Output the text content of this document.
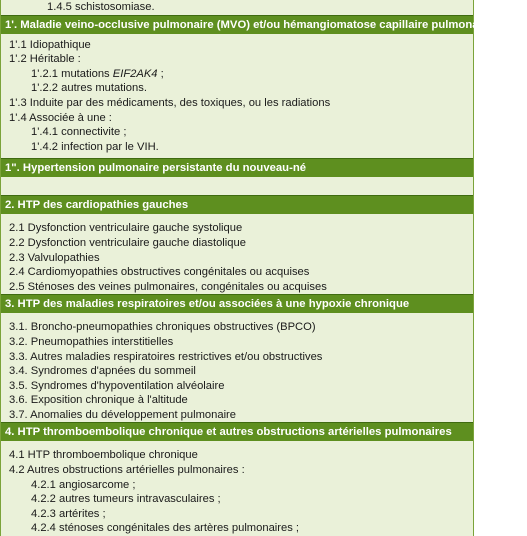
1.4.5 schistosomiase.
1'. Maladie veino-occlusive pulmonaire (MVO) et/ou hémangiomatose capillaire pulmonaire (HCP)
1'.1 Idiopathique
1'.2 Héritable :
1'.2.1 mutations EIF2AK4 ;
1'.2.2 autres mutations.
1'.3 Induite par des médicaments, des toxiques, ou les radiations
1'.4 Associée à une :
1'.4.1 connectivite ;
1'.4.2 infection par le VIH.
1". Hypertension pulmonaire persistante du nouveau-né
2. HTP des cardiopathies gauches
2.1 Dysfonction ventriculaire gauche systolique
2.2 Dysfonction ventriculaire gauche diastolique
2.3 Valvulopathies
2.4 Cardiomyopathies obstructives congénitales ou acquises
2.5 Sténoses des veines pulmonaires, congénitales ou acquises
3. HTP des maladies respiratoires et/ou associées à une hypoxie chronique
3.1. Broncho-pneumopathies chroniques obstructives (BPCO)
3.2. Pneumopathies interstitielles
3.3. Autres maladies respiratoires restrictives et/ou obstructives
3.4. Syndromes d'apnées du sommeil
3.5. Syndromes d'hypoventilation alvéolaire
3.6. Exposition chronique à l'altitude
3.7. Anomalies du développement pulmonaire
4. HTP thromboembolique chronique et autres obstructions artérielles pulmonaires
4.1 HTP thromboembolique chronique
4.2 Autres obstructions artérielles pulmonaires :
4.2.1 angiosarcome ;
4.2.2 autres tumeurs intravasculaires ;
4.2.3 artérites ;
4.2.4 sténoses congénitales des artères pulmonaires ;
